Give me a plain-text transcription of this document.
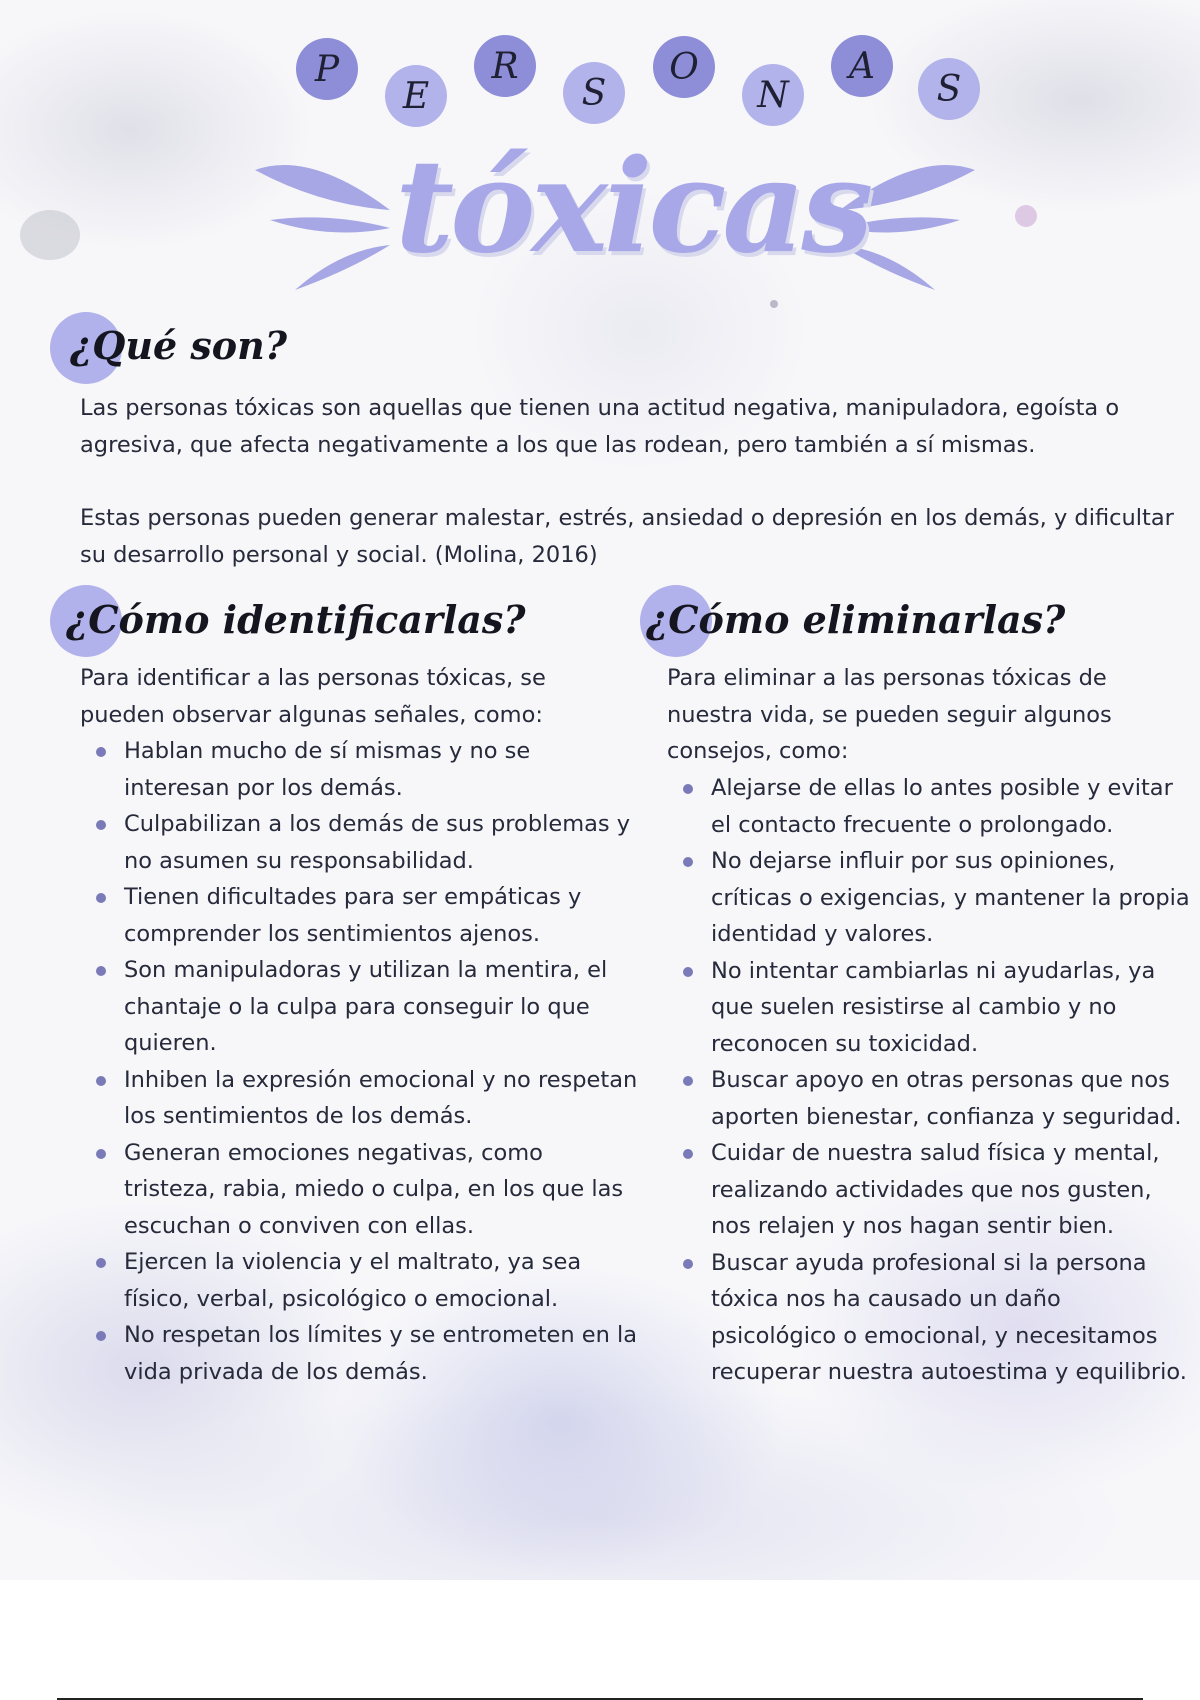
P
E
R
S
O
N
A
S
tóxicas
¿Qué son?

Las personas tóxicas son aquellas que tienen una actitud negativa, manipuladora, egoísta o agresiva, que afecta negativamente a los que las rodean, pero también a sí mismas.

Estas personas pueden generar malestar, estrés, ansiedad o depresión en los demás, y dificultar su desarrollo personal y social. (Molina, 2016)

¿Cómo identificarlas?

Para identificar a las personas tóxicas, se pueden observar algunas señales, como:

Hablan mucho de sí mismas y no se interesan por los demás.
Culpabilizan a los demás de sus problemas y no asumen su responsabilidad.
Tienen dificultades para ser empáticas y comprender los sentimientos ajenos.
Son manipuladoras y utilizan la mentira, el chantaje o la culpa para conseguir lo que quieren.
Inhiben la expresión emocional y no respetan los sentimientos de los demás.
Generan emociones negativas, como tristeza, rabia, miedo o culpa, en los que las escuchan o conviven con ellas.
Ejercen la violencia y el maltrato, ya sea físico, verbal, psicológico o emocional.
No respetan los límites y se entrometen en la vida privada de los demás.
¿Cómo eliminarlas?

Para eliminar a las personas tóxicas de nuestra vida, se pueden seguir algunos consejos, como:

Alejarse de ellas lo antes posible y evitar el contacto frecuente o prolongado.
No dejarse influir por sus opiniones, críticas o exigencias, y mantener la propia identidad y valores.
No intentar cambiarlas ni ayudarlas, ya que suelen resistirse al cambio y no reconocen su toxicidad.
Buscar apoyo en otras personas que nos aporten bienestar, confianza y seguridad.
Cuidar de nuestra salud física y mental, realizando actividades que nos gusten, nos relajen y nos hagan sentir bien.
Buscar ayuda profesional si la persona tóxica nos ha causado un daño psicológico o emocional, y necesitamos recuperar nuestra autoestima y equilibrio.
